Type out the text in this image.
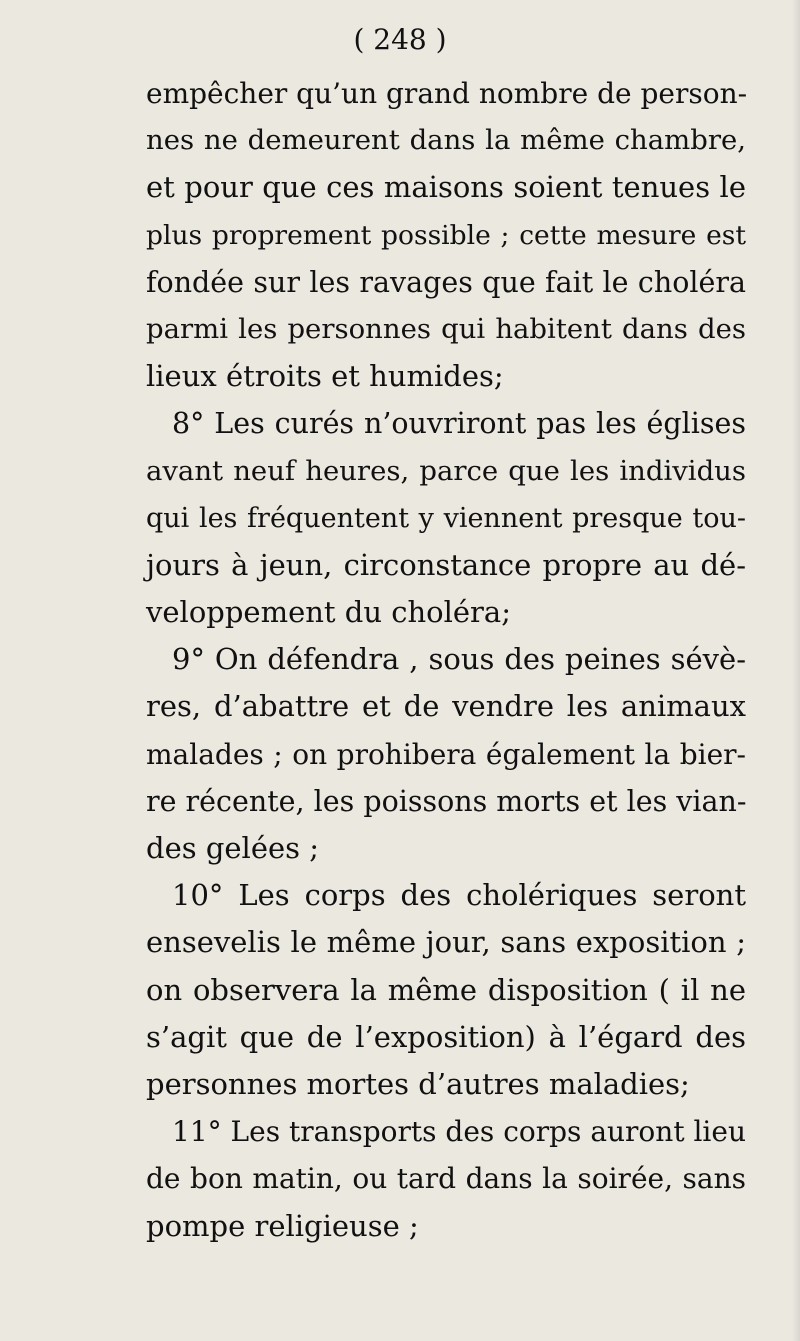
( 248 )
empêcher qu’un grand nombre de person-
nes ne demeurent dans la même chambre,
et pour que ces maisons soient tenues le
plus proprement possible ; cette mesure est
fondée sur les ravages que fait le choléra
parmi les personnes qui habitent dans des
lieux étroits et humides;
8° Les curés n’ouvriront pas les églises
avant neuf heures, parce que les individus
qui les fréquentent y viennent presque tou-
jours à jeun, circonstance propre au dé-
veloppement du choléra;
9° On défendra , sous des peines sévè-
res, d’abattre et de vendre les animaux
malades ; on prohibera également la bier-
re récente, les poissons morts et les vian-
des gelées ;
10° Les corps des cholériques seront
ensevelis le même jour, sans exposition ;
on observera la même disposition ( il ne
s’agit que de l’exposition) à l’égard des
personnes mortes d’autres maladies;
11° Les transports des corps auront lieu
de bon matin, ou tard dans la soirée, sans
pompe religieuse ;
